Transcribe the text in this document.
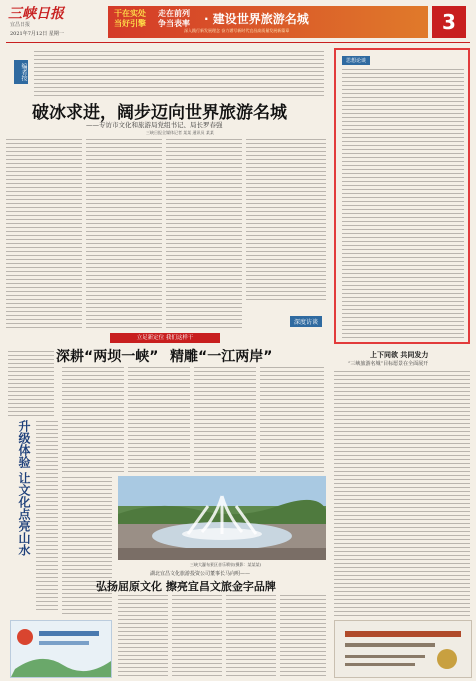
三峡日报
宜昌日报
2021年7月12日 星期一
干在实处
当好引擎
走在前列
争当表率 · 建设世界旅游名城
深入践行新发展理念 奋力谱写新时代宜昌高质量发展新篇章	3
编者按
破冰求进，阔步迈向世界旅游名城
——专访市文化和旅游局党组书记、局长罗春强
三峡日报全媒体记者 某某 通讯员 某某
深度访谈
思想论谈
立足新定位 我们这样干
深耕“两坝一峡” 精雕“一江两岸”
升级体验 让文化点亮山水
三峡大瀑布景区音乐喷泉(摄影：某某某)
湖北宜昌文化旅游投资公司董事长马向明——
弘扬屈原文化 擦亮宜昌文旅金字品牌
上下同欲 共同发力
“三峡旅游名城”目标愿景在全面展开
